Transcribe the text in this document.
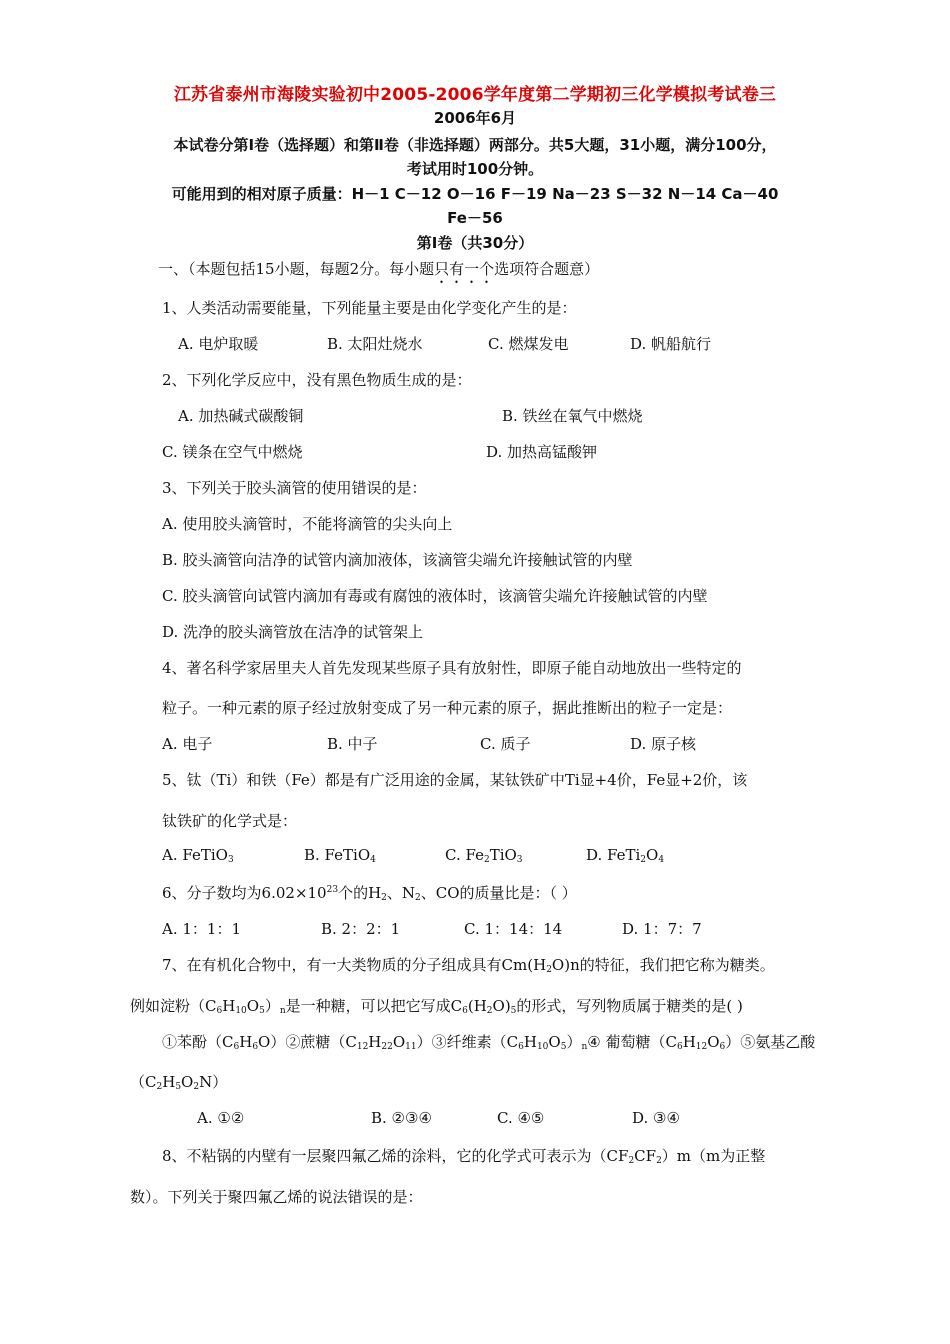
江苏省泰州市海陵实验初中2005-2006学年度第二学期初三化学模拟考试卷三
2006年6月
本试卷分第Ⅰ卷（选择题）和第Ⅱ卷（非选择题）两部分。共5大题，31小题，满分100分，
考试用时100分钟。
可能用到的相对原子质量：H－1 C－12 O－16 F－19 Na－23 S－32 N－14 Ca－40
Fe－56
第Ⅰ卷（共30分）
一、（本题包括15小题，每题2分。每小题只有一个选项符合题意）
1、人类活动需要能量，下列能量主要是由化学变化产生的是：
A. 电炉取暖	B. 太阳灶烧水	C. 燃煤发电	D. 帆船航行
2、下列化学反应中，没有黑色物质生成的是：
A. 加热碱式碳酸铜	B. 铁丝在氧气中燃烧
C. 镁条在空气中燃烧	D. 加热高锰酸钾
3、下列关于胶头滴管的使用错误的是：
A. 使用胶头滴管时，不能将滴管的尖头向上
B. 胶头滴管向洁净的试管内滴加液体，该滴管尖端允许接触试管的内壁
C. 胶头滴管向试管内滴加有毒或有腐蚀的液体时，该滴管尖端允许接触试管的内壁
D. 洗净的胶头滴管放在洁净的试管架上
4、著名科学家居里夫人首先发现某些原子具有放射性，即原子能自动地放出一些特定的
粒子。一种元素的原子经过放射变成了另一种元素的原子，据此推断出的粒子一定是：
A. 电子	B. 中子	C. 质子	D. 原子核
5、钛（Ti）和铁（Fe）都是有广泛用途的金属，某钛铁矿中Ti显+4价，Fe显+2价，该
钛铁矿的化学式是：
A. FeTiO$_3$	B. FeTiO$_4$	C. $Fe_2TiO_3$	D. $FeTi_2O_4$
6、分子数均为$6.02\times 10^{23}$个的$H_2$、$N_2$、CO的质量比是：（ ）
A. 1：1：1	B. 2：2：1	C. 1：14：14	D. 1：7：7
7、在有机化合物中，有一大类物质的分子组成具有$Cm(H_2O)n$的特征，我们把它称为糖类。
例如淀粉$(C_6H_{10}O_5)_n$是一种糖，可以把它写成$C_6(H_2O)_5$的形式，写列物质属于糖类的是( )
①苯酚$(C_6H_6O)②$蔗糖$(C_{12}H_{22}O_{11})③$纤维素$(C_6H_{10}O_5)_n④$ 葡萄糖$(C_6H_{12}O_6)⑤$氨基乙酸
$(C_2H_5O_2N)$
A. ①②	B. ②③④	C. ④⑤	D. ③④
8、不粘锅的内壁有一层聚四氟乙烯的涂料，它的化学式可表示为$(CF_2CF_2)m(m$为正整
数）。下列关于聚四氟乙烯的说法错误的是：
